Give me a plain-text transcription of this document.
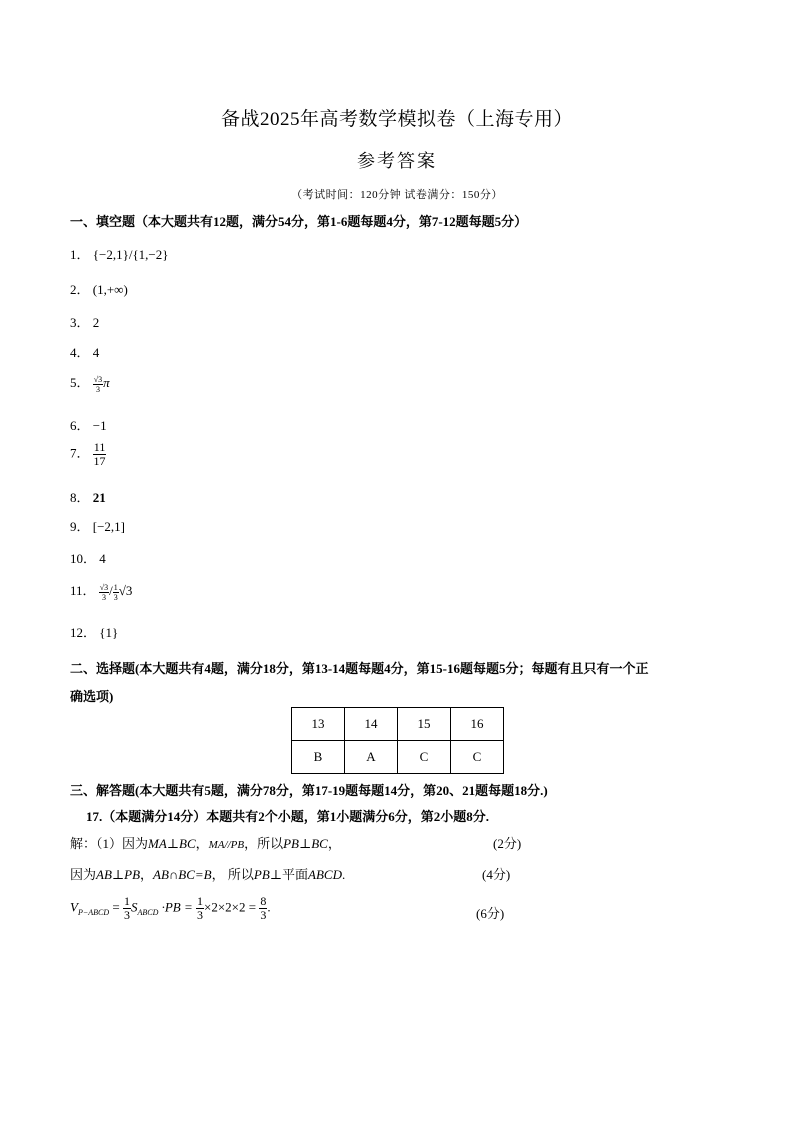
备战2025年高考数学模拟卷（上海专用）
参考答案
（考试时间：120分钟 试卷满分：150分）
一、填空题（本大题共有12题，满分54分，第1-6题每题4分，第7-12题每题5分）
1． {−2,1}/{1,−2}
2． (1,+∞)
3． 2
4． 4
5． $\frac{√3}{3}$ π
6． −1
7． $\frac{11}{17}$
8． 21
9． [−2,1]
10． 4
11． $\frac{√3}{3} / \frac{1}{3} √3$
12． {1}
二、选择题(本大题共有4题，满分18分，第13-14题每题4分，第15-16题每题5分；每题有且只有一个正
确选项)
13	14	15	16
B	A	C	C
三、解答题(本大题共有5题，满分78分，第17-19题每题14分，第20、21题每题18分.)
17.（本题满分14分）本题共有2个小题，第1小题满分6分，第2小题8分.
解：（1）因为MA⊥BC，MA//PB，所以PB⊥BC，	(2分)
因为AB⊥PB，AB∩BC=B， 所以PB⊥平面ABCD.	(4分)
$V_{P-ABCD} = \frac{1}{3} S_{ABCD} \cdot PB = \frac{1}{3} \times 2\times 2\times 2 = \frac{8}{3}$ .	(6分)
